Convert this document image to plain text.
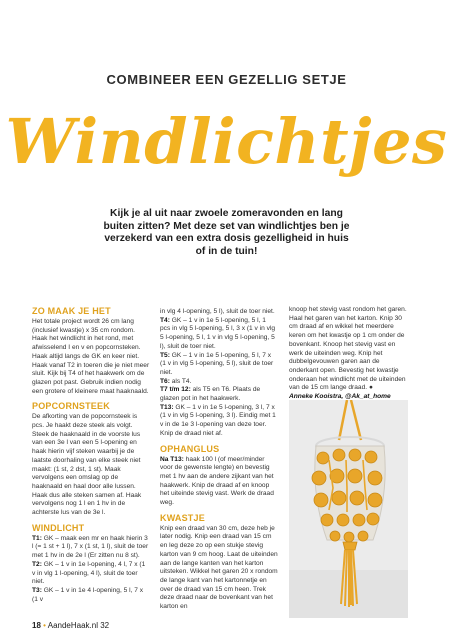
COMBINEER EEN GEZELLIG SETJE
Windlichtjes
Kijk je al uit naar zwoele zomeravonden en lang buiten zitten? Met deze set van windlichtjes ben je verzekerd van een extra dosis gezelligheid in huis of in de tuin!
ZO MAAK JE HET

Het totale project wordt 26 cm lang (inclusief kwastje) x 35 cm rondom. Haak het windlicht in het rond, met afwisselend I en v en popcornsteken. Haak altijd langs de GK en keer niet. Haak vanaf T2 in toeren die je niet meer sluit. Kijk bij T4 of het haakwerk om de glazen pot past. Gebruik indien nodig een grotere of kleinere maat haaknaald.

POPCORNSTEEK

De afkorting van de popcornsteek is pcs. Je haakt deze steek als volgt. Steek de haaknaald in de voorste lus van een 3e l van een 5 l-opening en haak hierin vijf steken waarbij je de laatste doorhaling van elke steek niet maakt: (1 st, 2 dst, 1 st). Maak vervolgens een omslag op de haaknaald en haal door alle lussen. Haak dus alle steken samen af. Haak vervolgens nog 1 l en 1 hv in de achterste lus van de 3e l.

WINDLICHT

T1: GK – maak een mr en haak hierin 3 l (= 1 st + 1 l), 7 x (1 st, 1 l), sluit de toer met 1 hv in de 2e l (Er zitten nu 8 st).

T2: GK – 1 v in 1e l-opening, 4 l, 7 x (1 v in vlg 1 l-opening, 4 l), sluit de toer niet.

T3: GK – 1 v in 1e 4 l-opening, 5 l, 7 x (1 v

in vlg 4 l-opening, 5 l), sluit de toer niet.

T4: GK – 1 v in 1e 5 l-opening, 5 l, 1 pcs in vlg 5 l-opening, 5 l, 3 x (1 v in vlg 5 l-opening, 5 l, 1 v in vlg 5 l-opening, 5 l), sluit de toer niet.

T5: GK – 1 v in 1e 5 l-opening, 5 l, 7 x (1 v in vlg 5 l-opening, 5 l), sluit de toer niet.

T6: als T4.

T7 t/m 12: als T5 en T6. Plaats de glazen pot in het haakwerk.

T13: GK – 1 v in 1e 5 l-opening, 3 l, 7 x (1 v in vlg 5 l-opening, 3 l). Eindig met 1 v in de 1e 3 l-opening van deze toer. Knip de draad niet af.

OPHANGLUS

Na T13: haak 100 l (of meer/minder voor de gewenste lengte) en bevestig met 1 hv aan de andere zijkant van het haakwerk. Knip de draad af en knoop het uiteinde stevig vast. Werk de draad weg.

KWASTJE

Knip een draad van 30 cm, deze heb je later nodig. Knip een draad van 15 cm en leg deze zo op een stukje stevig karton van 9 cm hoog. Laat de uiteinden aan de lange kanten van het karton uitsteken. Wikkel het garen 20 x rondom de lange kant van het kartonnetje en over de draad van 15 cm heen. Trek deze draad naar de bovenkant van het karton en

knoop het stevig vast rondom het garen. Haal het garen van het karton. Knip 30 cm draad af en wikkel het meerdere keren om het kwastje op 1 cm onder de bovenkant. Knoop het stevig vast en werk de uiteinden weg. Knip het dubbelgevouwen garen aan de onderkant open. Bevestig het kwastje onderaan het windlicht met de uiteinden van de 15 cm lange draad. ●

Anneke Kooistra, @Ak_at_home

18 • AandeHaak.nl 32
